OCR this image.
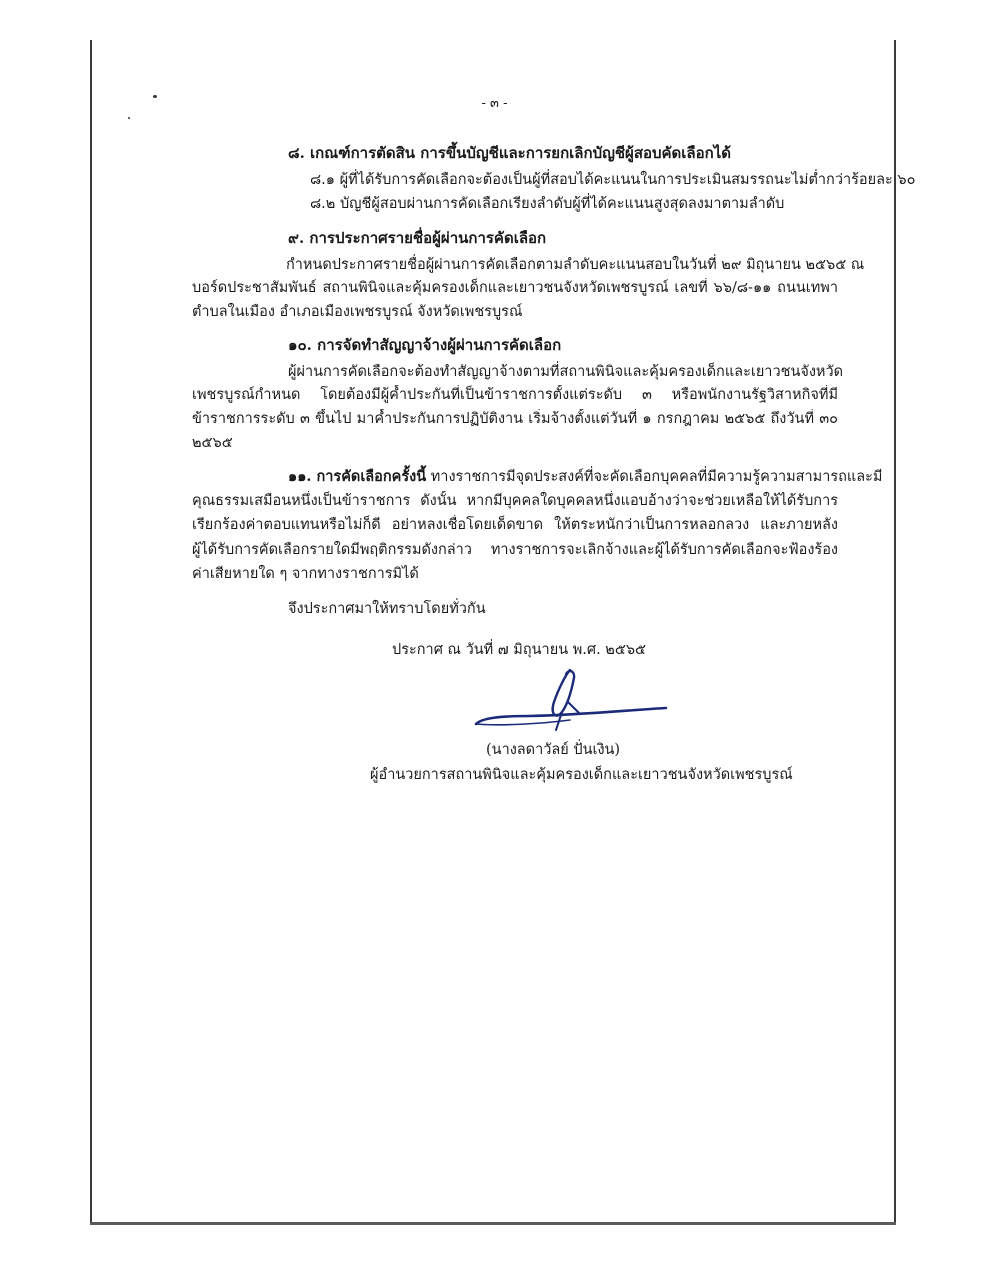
- ๓ -
๘. เกณฑ์การตัดสิน การขึ้นบัญชีและการยกเลิกบัญชีผู้สอบคัดเลือกได้
๘.๑ ผู้ที่ได้รับการคัดเลือกจะต้องเป็นผู้ที่สอบได้คะแนนในการประเมินสมรรถนะไม่ต่ำกว่าร้อยละ ๖๐
๘.๒ บัญชีผู้สอบผ่านการคัดเลือกเรียงลำดับผู้ที่ได้คะแนนสูงสุดลงมาตามลำดับ
๙. การประกาศรายชื่อผู้ผ่านการคัดเลือก
กำหนดประกาศรายชื่อผู้ผ่านการคัดเลือกตามลำดับคะแนนสอบในวันที่ ๒๙ มิถุนายน ๒๕๖๕ ณ
บอร์ดประชาสัมพันธ์ สถานพินิจและคุ้มครองเด็กและเยาวชนจังหวัดเพชรบูรณ์ เลขที่ ๖๖/๘-๑๑ ถนนเทพา
ตำบลในเมือง อำเภอเมืองเพชรบูรณ์ จังหวัดเพชรบูรณ์
๑๐. การจัดทำสัญญาจ้างผู้ผ่านการคัดเลือก
ผู้ผ่านการคัดเลือกจะต้องทำสัญญาจ้างตามที่สถานพินิจและคุ้มครองเด็กและเยาวชนจังหวัด
เพชรบูรณ์กำหนด โดยต้องมีผู้ค้ำประกันที่เป็นข้าราชการตั้งแต่ระดับ ๓ หรือพนักงานรัฐวิสาหกิจที่มี
ข้าราชการระดับ ๓ ขึ้นไป มาค้ำประกันการปฏิบัติงาน เริ่มจ้างตั้งแต่วันที่ ๑ กรกฎาคม ๒๕๖๕ ถึงวันที่ ๓๐
๒๕๖๕
๑๑. การคัดเลือกครั้งนี้ ทางราชการมีจุดประสงค์ที่จะคัดเลือกบุคคลที่มีความรู้ความสามารถและมี
คุณธรรมเสมือนหนึ่งเป็นข้าราชการ ดังนั้น หากมีบุคคลใดบุคคลหนึ่งแอบอ้างว่าจะช่วยเหลือให้ได้รับการ
เรียกร้องค่าตอบแทนหรือไม่ก็ดี อย่าหลงเชื่อโดยเด็ดขาด ให้ตระหนักว่าเป็นการหลอกลวง และภายหลัง
ผู้ได้รับการคัดเลือกรายใดมีพฤติกรรมดังกล่าว ทางราชการจะเลิกจ้างและผู้ได้รับการคัดเลือกจะฟ้องร้อง
ค่าเสียหายใด ๆ จากทางราชการมิได้
จึงประกาศมาให้ทราบโดยทั่วกัน
ประกาศ ณ วันที่ ๗ มิถุนายน พ.ศ. ๒๕๖๕
(นางลดาวัลย์ ปั่นเงิน)
ผู้อำนวยการสถานพินิจและคุ้มครองเด็กและเยาวชนจังหวัดเพชรบูรณ์
